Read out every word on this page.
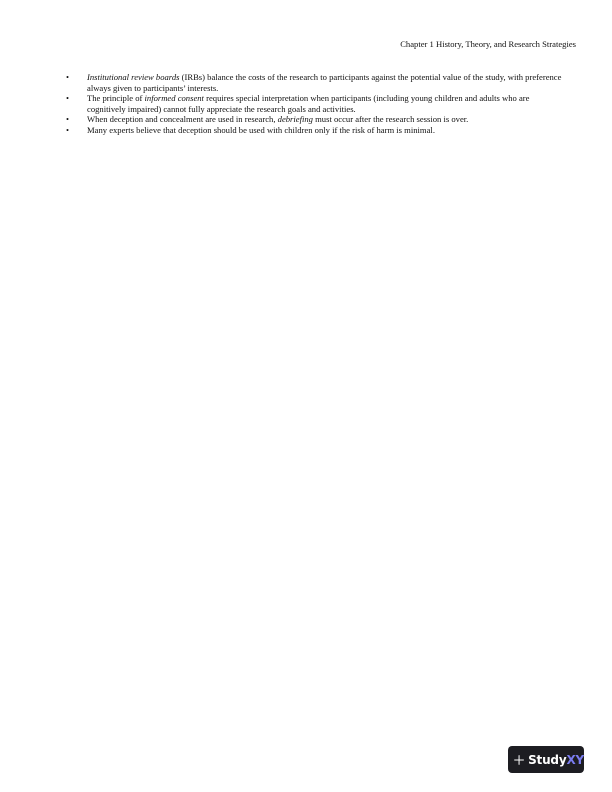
Chapter 1 History, Theory, and Research Strategies
• Institutional review boards (IRBs) balance the costs of the research to participants against the potential value of the study, with preference always given to participants’ interests.
• The principle of informed consent requires special interpretation when participants (including young children and adults who are cognitively impaired) cannot fully appreciate the research goals and activities.
• When deception and concealment are used in research, debriefing must occur after the research session is over.
• Many experts believe that deception should be used with children only if the risk of harm is minimal.
StudyXY
